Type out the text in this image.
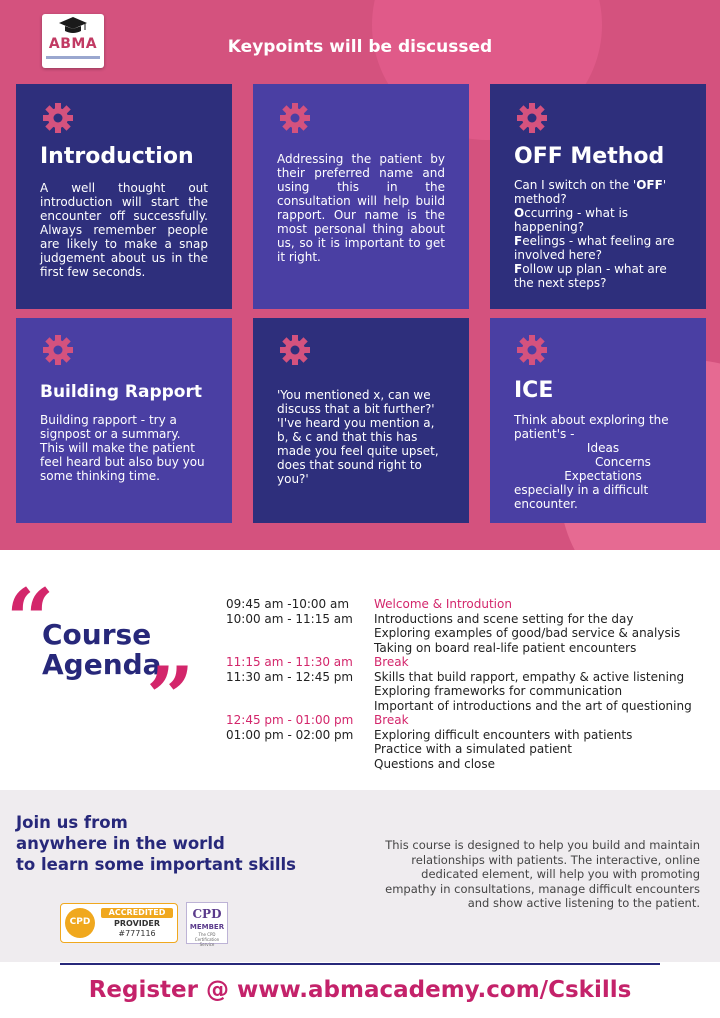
ABMA	Keypoints will be discussed
Introduction
A well thought out introduction will start the encounter off successfully. Always remember people are likely to make a snap judgement about us in the first few seconds.
Addressing the patient by their preferred name and using this in the consultation will help build rapport. Our name is the most personal thing about us, so it is important to get it right.
OFF Method

Can I switch on the 'OFF' method?

Occurring - what is happening?

Feelings - what feeling are involved here?

Follow up plan - what are the next steps?

Building Rapport
Building rapport - try a signpost or a summary. This will make the patient feel heard but also buy you some thinking time.

'You mentioned x, can we discuss that a bit further?'

'I've heard you mention a, b, & c and that this has made you feel quite upset, does that sound right to you?'

ICE

Think about exploring the patient's -

Ideas

Concerns

Expectations

especially in a difficult encounter.

“
Course
Agenda
”
09:45 am -10:00 am
10:00 am - 11:15 am
11:15 am - 11:30 am
11:30 am - 12:45 pm
12:45 pm - 01:00 pm
01:00 pm - 02:00 pm
Welcome & Introdution
Introductions and scene setting for the day
Exploring examples of good/bad service & analysis
Taking on board real-life patient encounters
Break
Skills that build rapport, empathy & active listening
Exploring frameworks for communication
Important of introductions and the art of questioning
Break
Exploring difficult encounters with patients
Practice with a simulated patient
Questions and close
Join us from
anywhere in the world
to learn some important skills
This course is designed to help you build and maintain relationships with patients. The interactive, online dedicated element, will help you with promoting empathy in consultations, manage difficult encounters and show active listening to the patient.
CPD
ACCREDITED
PROVIDER
#777116
CPD
MEMBER
The CPD Certification Service
Register @ www.abmacademy.com/Cskills
